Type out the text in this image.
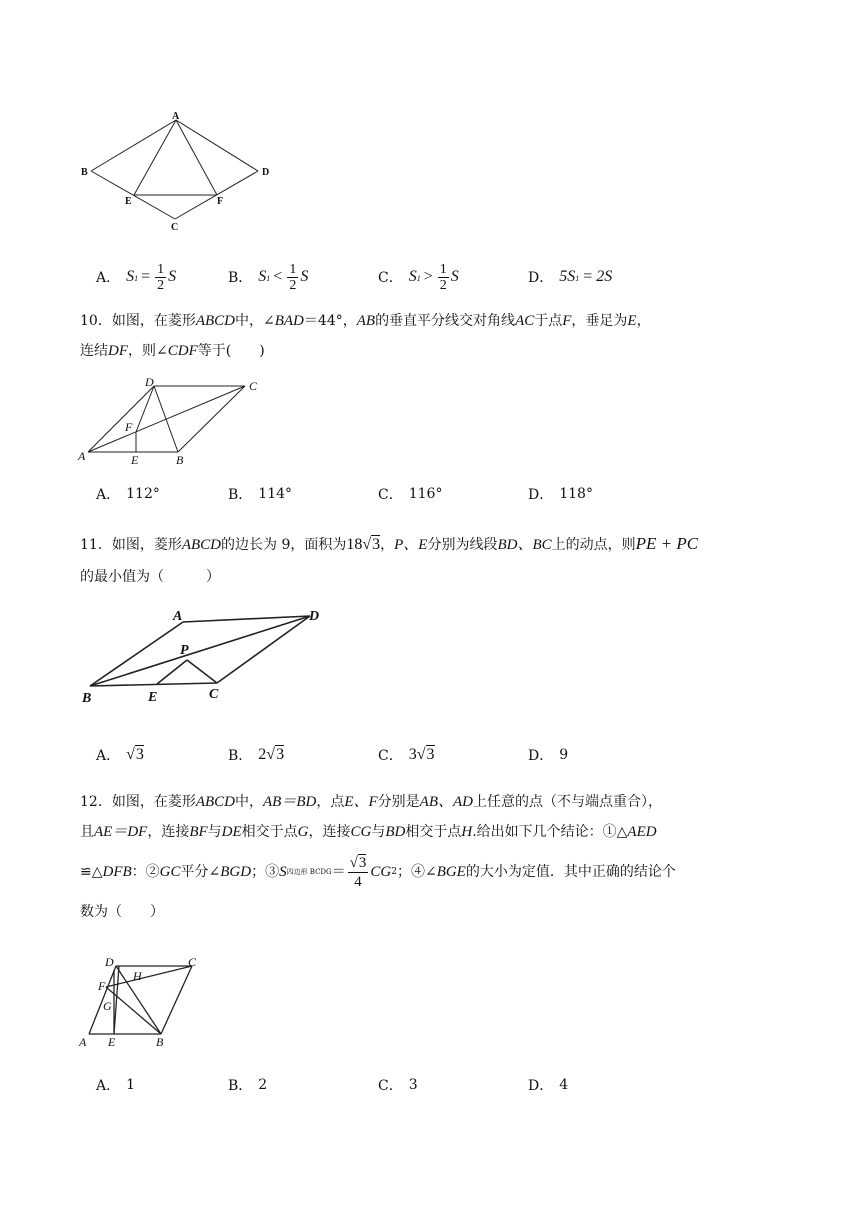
A
B	D
E	F
C
A． $S1 = \frac{1}{2}$ S	B． $S1 < \frac{1}{2}$ S	C． $S1 > \frac{1}{2}$ S	D． 5S1 = 2S
10．如图，在菱形ABCD中，∠BAD＝44°，AB的垂直平分线交对角线AC于点F，垂足为E，
连结DF，则∠CDF等于(　　)
A	B
C
D
E
F
A． 112°	B． 114°	C． 116°	D． 118°
11．如图，菱形ABCD的边长为 9，面积为18√3，P、E分别为线段BD、BC上的动点，则PE + PC
的最小值为（　　　）
A	D
P
B	E	C
A． √3	B． 2√3	C． 3√3	D． 9
12．如图，在菱形ABCD中，AB＝BD，点E、F分别是AB、AD上任意的点（不与端点重合），
且AE＝DF，连接BF与DE相交于点G，连接CG与BD相交于点H.给出如下几个结论：①△AED
≌△ DFB ：② GC 平分∠ BGD ；③ S 四边形 BCDG ＝ $\frac{√3}{4}$ CG 2 ；④∠ BGE 的大小为定值．其中正确的结论个
数为（　　）
D	C
H
F
G
A E	B
A． 1	B． 2	C． 3	D． 4
